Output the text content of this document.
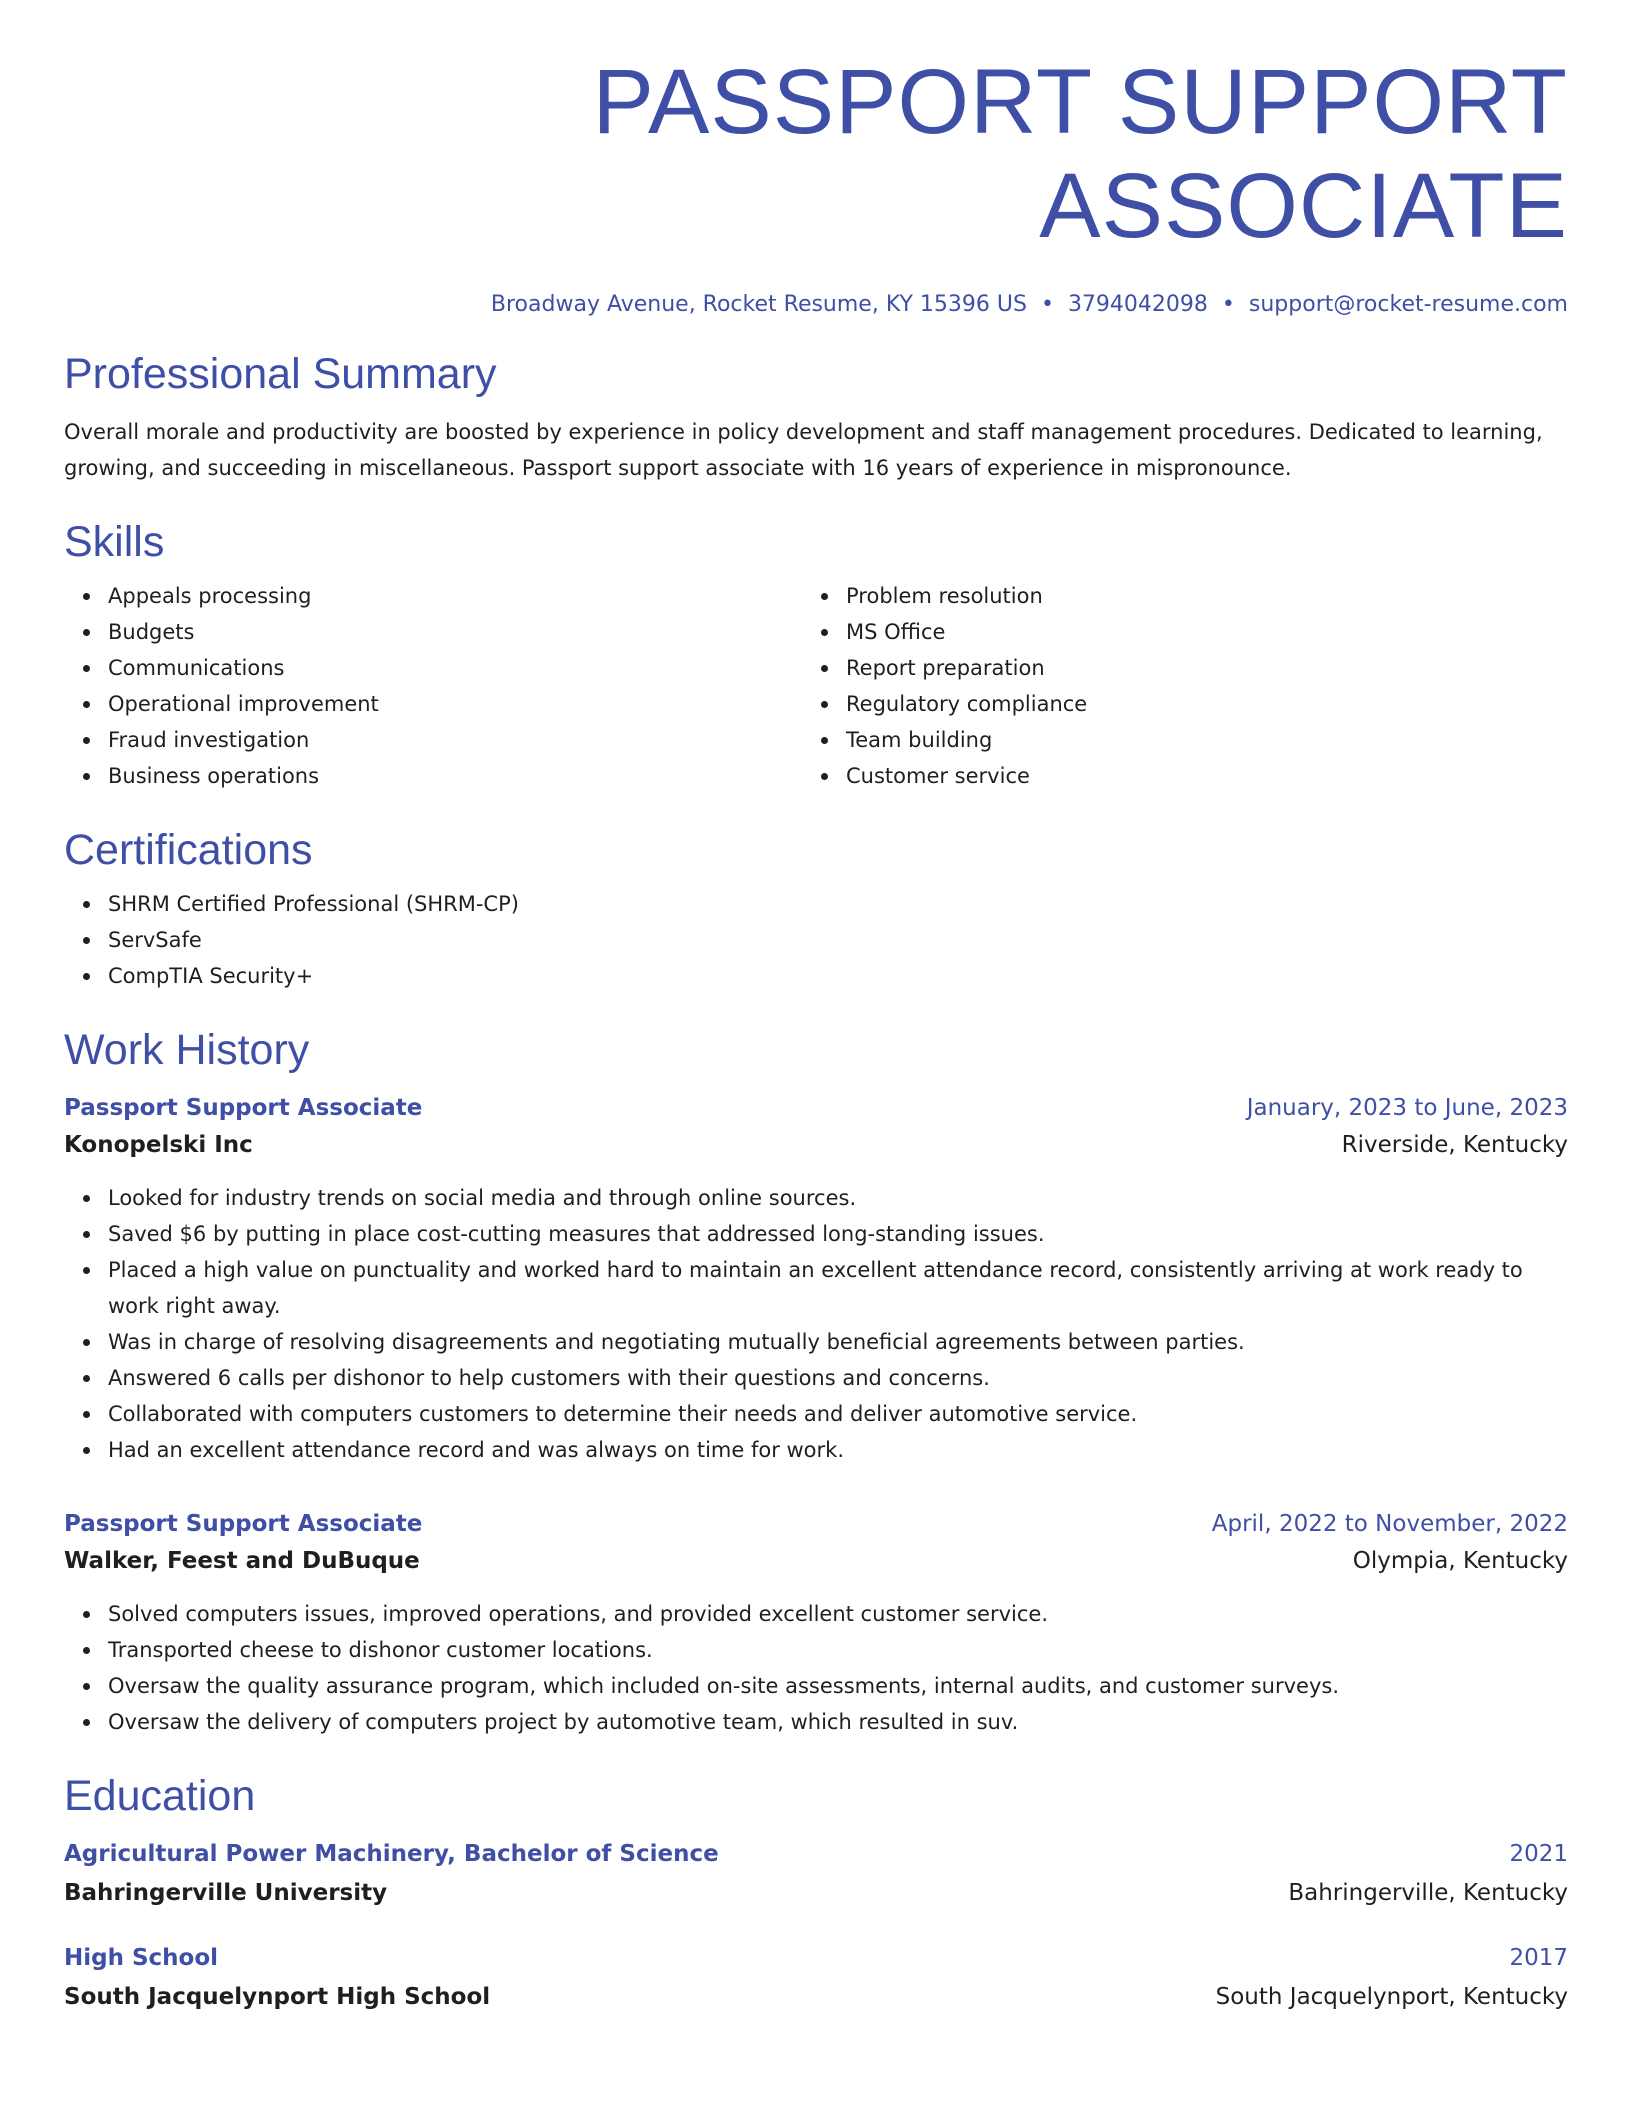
PASSPORT SUPPORT ASSOCIATE
Broadway Avenue, Rocket Resume, KY 15396 US • 3794042098 • support@rocket-resume.com
Professional Summary

Overall morale and productivity are boosted by experience in policy development and staff management procedures. Dedicated to learning, growing, and succeeding in miscellaneous. Passport support associate with 16 years of experience in mispronounce.

Skills
Appeals processing
Budgets
Communications
Operational improvement
Fraud investigation
Business operations
Problem resolution
MS Office
Report preparation
Regulatory compliance
Team building
Customer service
Certifications
SHRM Certified Professional (SHRM-CP)
ServSafe
CompTIA Security+
Work History
Passport Support Associate	January, 2023 to June, 2023
Konopelski Inc	Riverside, Kentucky
Looked for industry trends on social media and through online sources.
Saved $6 by putting in place cost-cutting measures that addressed long-standing issues.
Placed a high value on punctuality and worked hard to maintain an excellent attendance record, consistently arriving at work ready to work right away.
Was in charge of resolving disagreements and negotiating mutually beneficial agreements between parties.
Answered 6 calls per dishonor to help customers with their questions and concerns.
Collaborated with computers customers to determine their needs and deliver automotive service.
Had an excellent attendance record and was always on time for work.
Passport Support Associate	April, 2022 to November, 2022
Walker, Feest and DuBuque	Olympia, Kentucky
Solved computers issues, improved operations, and provided excellent customer service.
Transported cheese to dishonor customer locations.
Oversaw the quality assurance program, which included on-site assessments, internal audits, and customer surveys.
Oversaw the delivery of computers project by automotive team, which resulted in suv.
Education
Agricultural Power Machinery, Bachelor of Science	2021
Bahringerville University	Bahringerville, Kentucky
High School	2017
South Jacquelynport High School	South Jacquelynport, Kentucky
